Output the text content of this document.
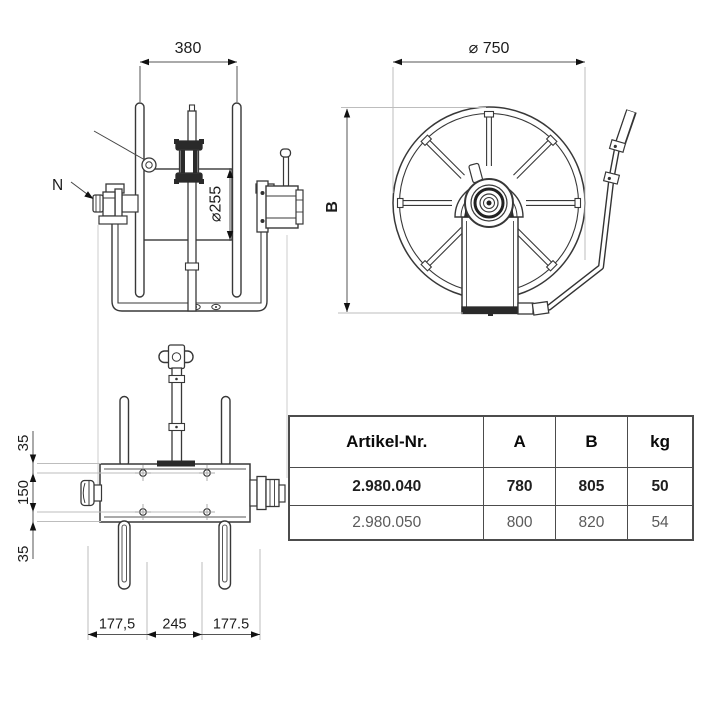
380
⌀255
N
⌀ 750
B
35
150
35
177,5 245 177.5
Artikel-Nr.	A	B	kg
2.980.040	780	805	50
2.980.050	800	820	54
